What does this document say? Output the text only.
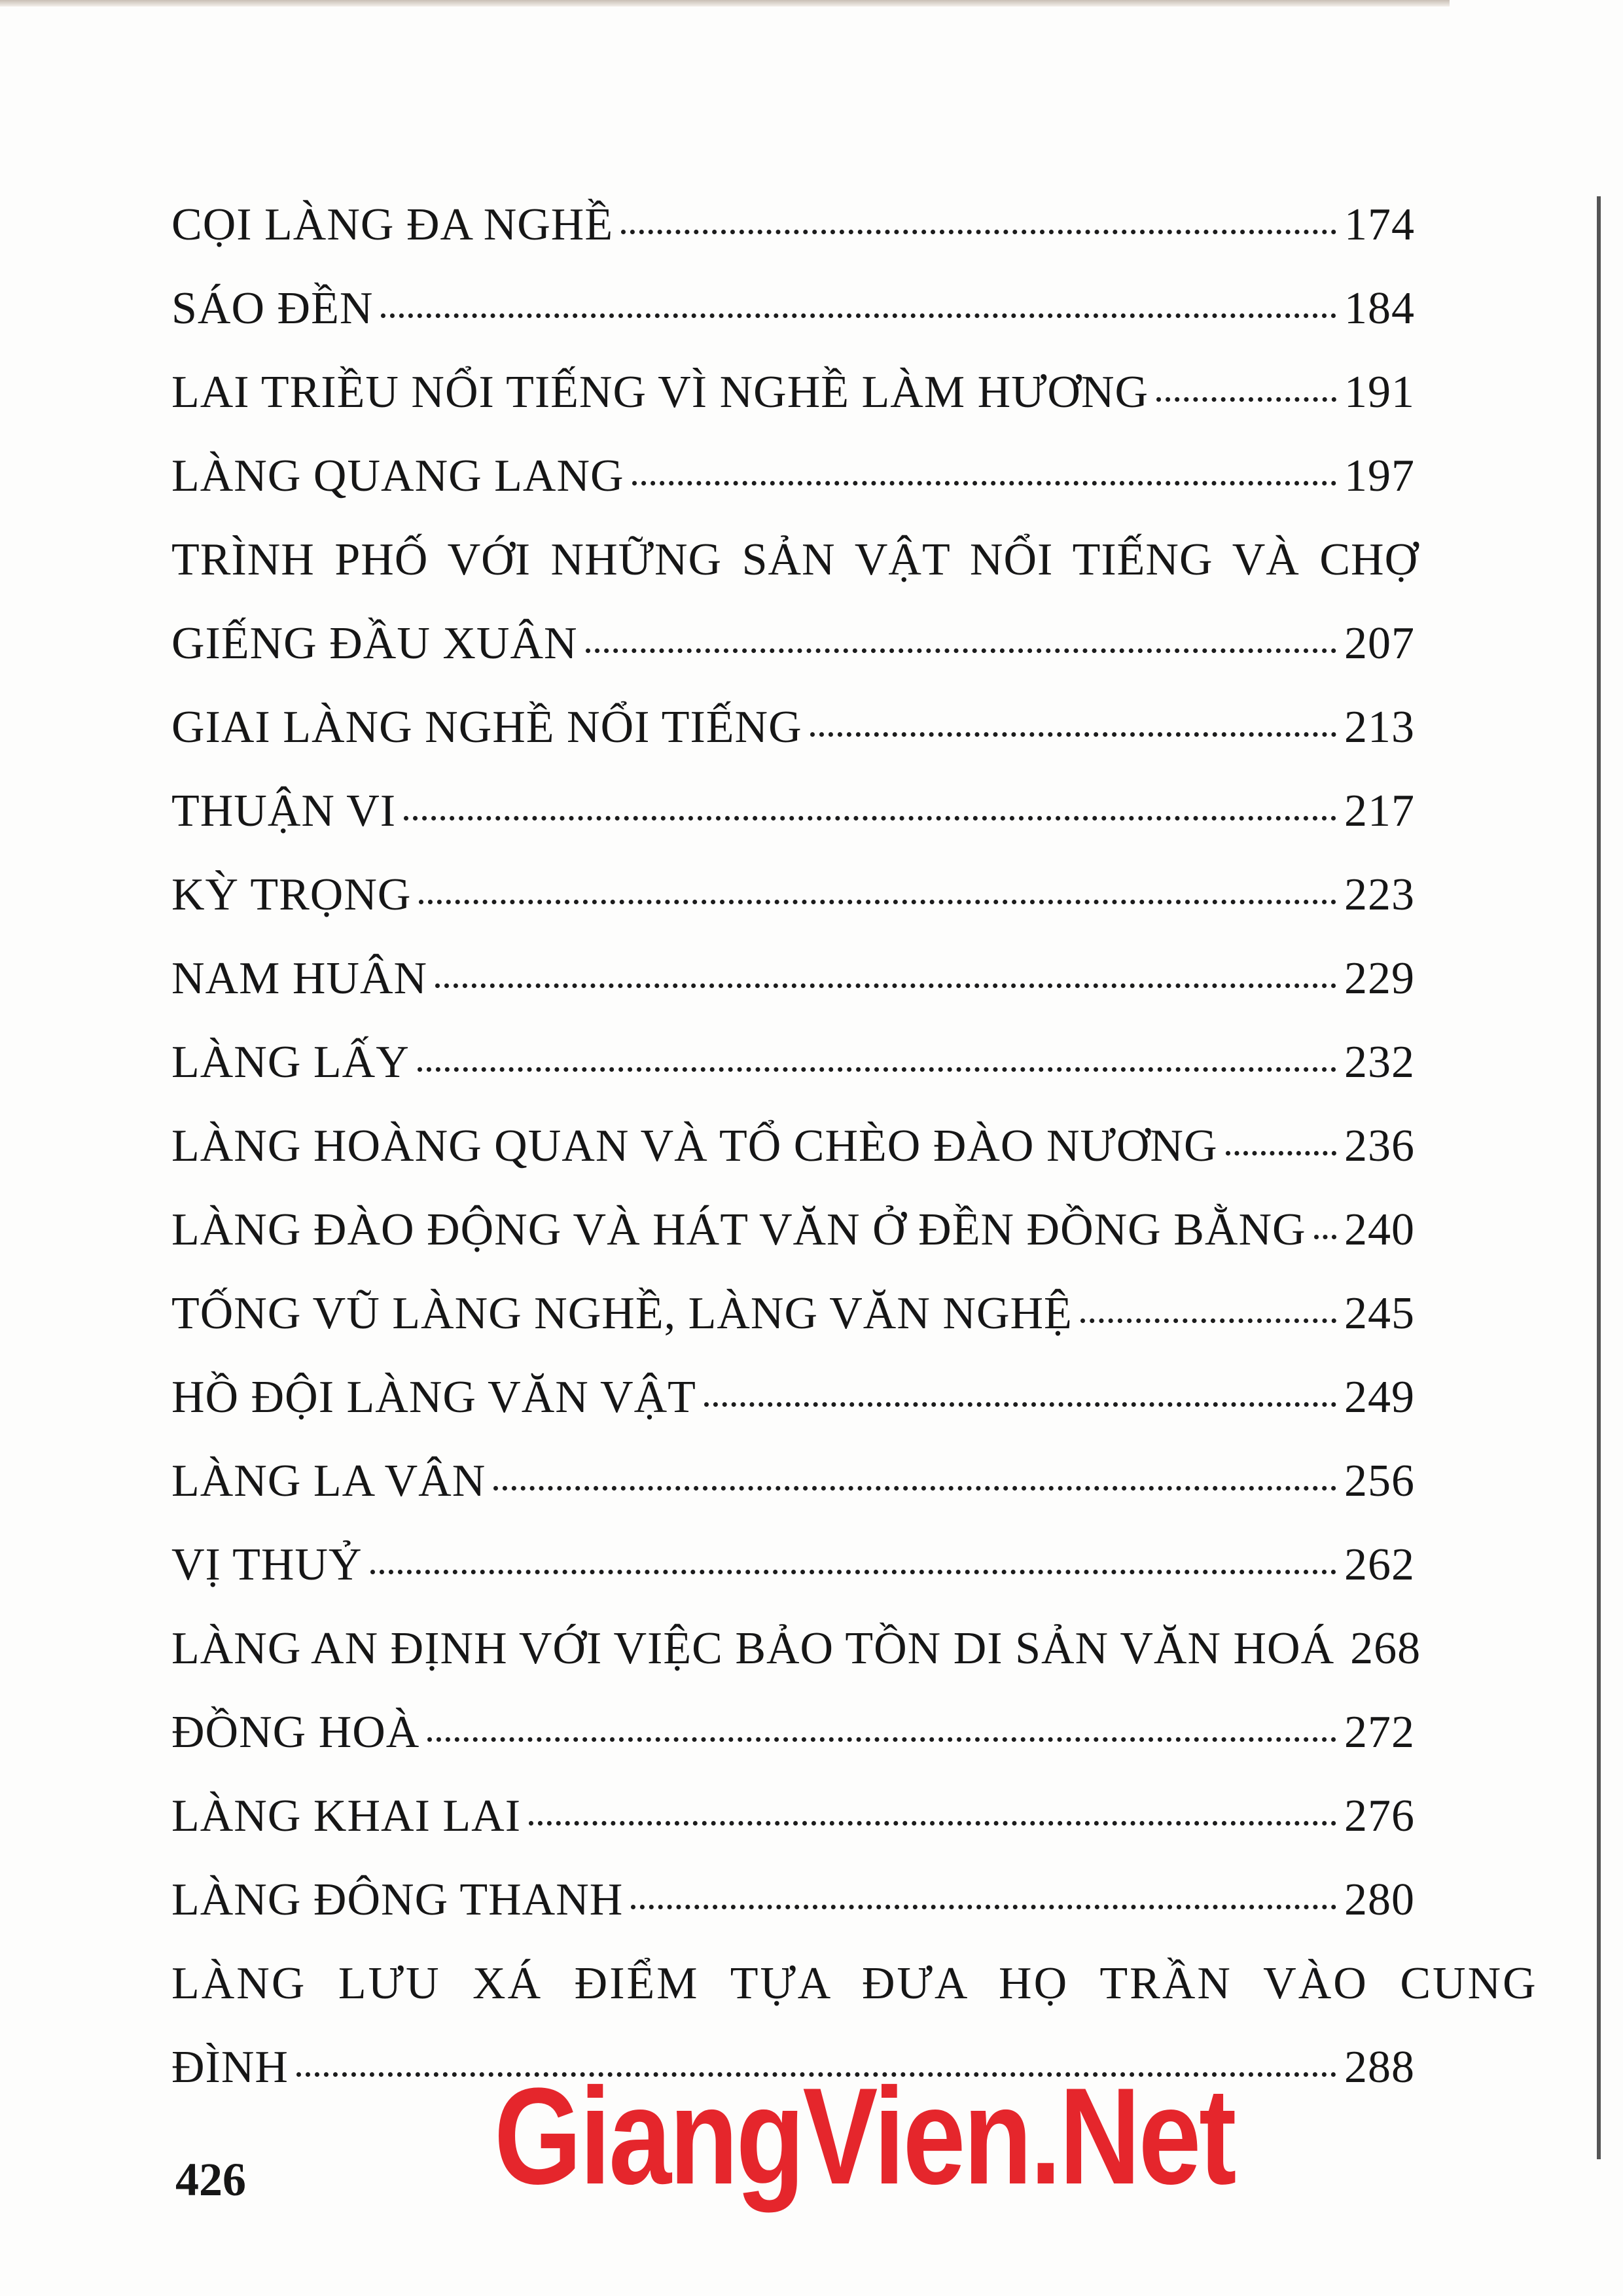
CỌI LÀNG ĐA NGHỀ	174
SÁO ĐỀN	184
LAI TRIỀU NỔI TIẾNG VÌ NGHỀ LÀM HƯƠNG	191
LÀNG QUANG LANG	197
TRÌNH PHỐ VỚI NHỮNG SẢN VẬT NỔI TIẾNG VÀ CHỢ
GIẾNG ĐẦU XUÂN	207
GIAI LÀNG NGHỀ NỔI TIẾNG	213
THUẬN VI	217
KỲ TRỌNG	223
NAM HUÂN	229
LÀNG LẤY	232
LÀNG HOÀNG QUAN VÀ TỔ CHÈO ĐÀO NƯƠNG	236
LÀNG ĐÀO ĐỘNG VÀ HÁT VĂN Ở ĐỀN ĐỒNG BẰNG 240
TỐNG VŨ LÀNG NGHỀ, LÀNG VĂN NGHỆ	245
HỒ ĐỘI LÀNG VĂN VẬT	249
LÀNG LA VÂN	256
VỊ THUỶ	262
LÀNG AN ĐỊNH VỚI VIỆC BẢO TỒN DI SẢN VĂN HOÁ 268
ĐỒNG HOÀ	272
LÀNG KHAI LAI	276
LÀNG ĐÔNG THANH	280
LÀNG LƯU XÁ ĐIỂM TỰA ĐƯA HỌ TRẦN VÀO CUNG
ĐÌNH	288
426 GiangVien.Net
